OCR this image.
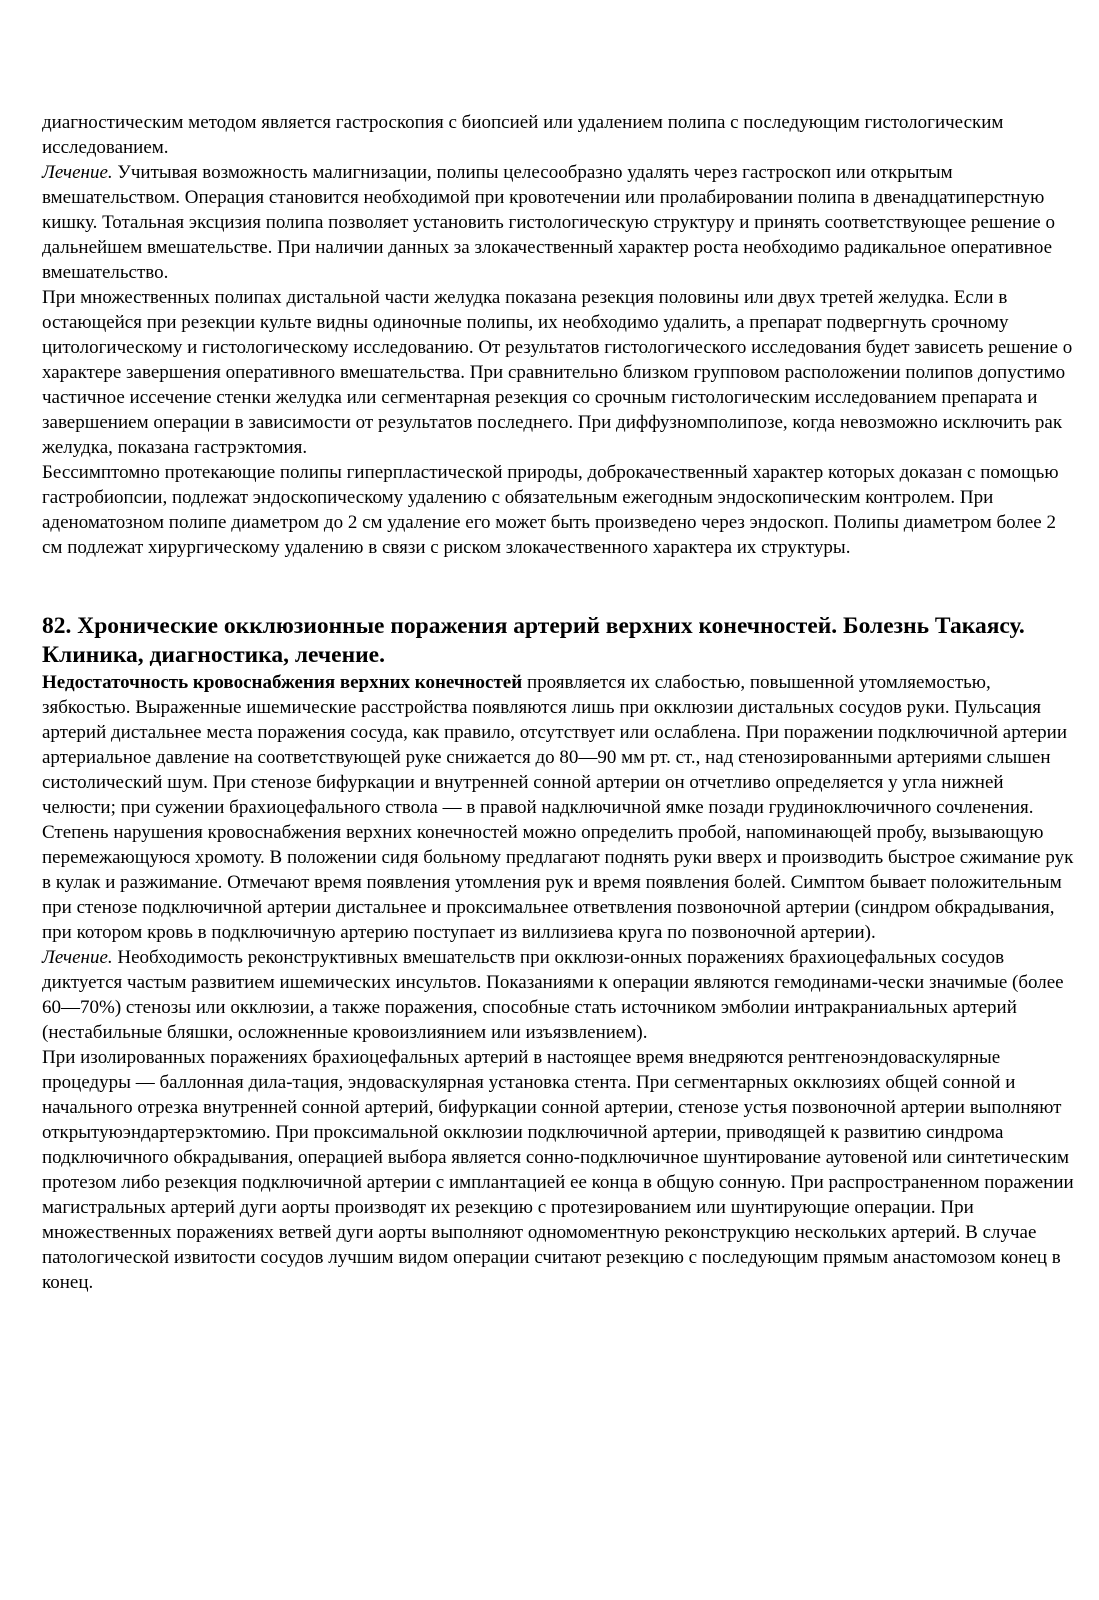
диагностическим методом является гастроскопия с биопсией или удалением полипа с последующим гистологическим исследованием.

Лечение. Учитывая возможность малигнизации, полипы целесообразно удалять через гастроскоп или открытым вмешательством. Операция становится необходимой при кровотечении или пролабировании полипа в двенадцатиперстную кишку. Тотальная эксцизия полипа позволяет установить гистологическую структуру и принять соответствующее решение о дальнейшем вмешательстве. При наличии данных за злокачественный характер роста необходимо радикальное оперативное вмешательство.

При множественных полипах дистальной части желудка показана резекция половины или двух третей желудка. Если в остающейся при резекции культе видны одиночные полипы, их необходимо удалить, а препарат подвергнуть срочному цитологическому и гистологическому исследованию. От результатов гистологического исследования будет зависеть решение о характере завершения оперативного вмешательства. При сравнительно близком групповом расположении полипов допустимо частичное иссечение стенки желудка или сегментарная резекция со срочным гистологическим исследованием препарата и завершением операции в зависимости от результатов последнего. При диффузномполипозе, когда невозможно исключить рак желудка, показана гастрэктомия.

Бессимптомно протекающие полипы гиперпластической природы, доброкачественный характер которых доказан с помощью гастробиопсии, подлежат эндоскопическому удалению с обязательным ежегодным эндоскопическим контролем. При аденоматозном полипе диаметром до 2 см удаление его может быть произведено через эндоскоп. Полипы диаметром более 2 см подлежат хирургическому удалению в связи с риском злокачественного характера их структуры.

82. Хронические окклюзионные поражения артерий верхних конечностей. Болезнь Такаясу. Клиника, диагностика, лечение.

Недостаточность кровоснабжения верхних конечностей проявляется их слабостью, повышенной утомляемостью, зябкостью. Выраженные ишемические расстройства появляются лишь при окклюзии дистальных сосудов руки. Пульсация артерий дистальнее места поражения сосуда, как правило, отсутствует или ослаблена. При поражении подключичной артерии артериальное давление на соответствующей руке снижается до 80—90 мм рт. ст., над стенозированными артериями слышен систолический шум. При стенозе бифуркации и внутренней сонной артерии он отчетливо определяется у угла нижней челюсти; при сужении брахиоцефального ствола — в правой надключичной ямке позади грудиноключичного сочленения. Степень нарушения кровоснабжения верхних конечностей можно определить пробой, напоминающей пробу, вызывающую перемежающуюся хромоту. В положении сидя больному предлагают поднять руки вверх и производить быстрое сжимание рук в кулак и разжимание. Отмечают время появления утомления рук и время появления болей. Симптом бывает положительным при стенозе подключичной артерии дистальнее и проксимальнее ответвления позвоночной артерии (синдром обкрадывания, при котором кровь в подключичную артерию поступает из виллизиева круга по позвоночной артерии).

Лечение. Необходимость реконструктивных вмешательств при окклюзи-онных поражениях брахиоцефальных сосудов диктуется частым развитием ишемических инсультов. Показаниями к операции являются гемодинами-чески значимые (более 60—70%) стенозы или окклюзии, а также поражения, способные стать источником эмболии интракраниальных артерий (нестабильные бляшки, осложненные кровоизлиянием или изъязвлением).

При изолированных поражениях брахиоцефальных артерий в настоящее время внедряются рентгеноэндоваскулярные процедуры — баллонная дила-тация, эндоваскулярная установка стента. При сегментарных окклюзиях общей сонной и начального отрезка внутренней сонной артерий, бифуркации сонной артерии, стенозе устья позвоночной артерии выполняют открытуюэндартерэктомию. При проксимальной окклюзии подключичной артерии, приводящей к развитию синдрома подключичного обкрадывания, операцией выбора является сонно-подключичное шунтирование аутовеной или синтетическим протезом либо резекция подключичной артерии с имплантацией ее конца в общую сонную. При распространенном поражении магистральных артерий дуги аорты производят их резекцию с протезированием или шунтирующие операции. При множественных поражениях ветвей дуги аорты выполняют одномоментную реконструкцию нескольких артерий. В случае патологической извитости сосудов лучшим видом операции считают резекцию с последующим прямым анастомозом конец в конец.
